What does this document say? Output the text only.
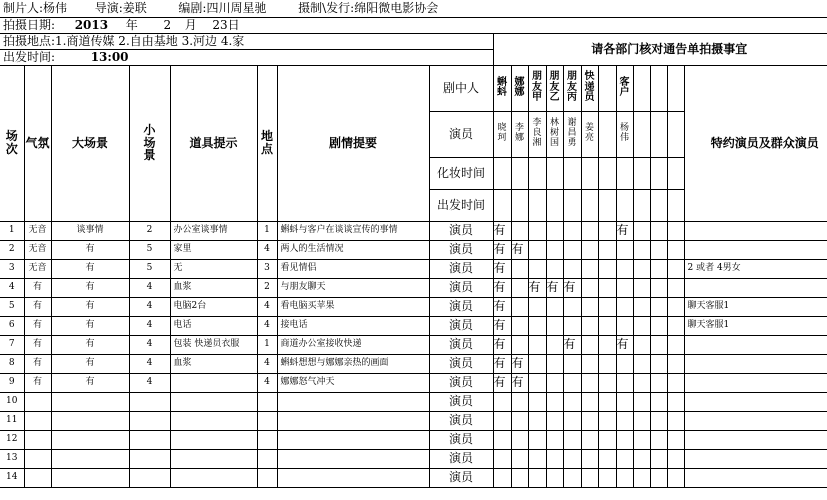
制片人:杨伟 导演:姜联 编剧:四川周星驰 摄制\发行:绵阳微电影协会																			
拍摄日期: 2013 年 2 月 23日																			
拍摄地点:1.商道传媒 2.自由基地 3.河边 4.家								请各部门核对通告单拍摄事宜											
出发时间: 13:00																			
场次	气氛	大场景	小场景	道具提示	地点	剧情提要	剧中人	蝌蚪	娜娜	朋友甲	朋友乙	朋友丙	快递员		客户				特约演员及群众演员
							演员	晓珂	李娜	李良湘	林树国	谢昌勇	姜亮		杨伟				
							化妆时间												
							出发时间												
1	无音	谈事情	2	办公室谈事情	1	蝌蚪与客户在谈谈宣传的事情	演员	有							有				
2	无音	有	5	家里	4	两人的生活情况	演员	有	有										
3	无音	有	5	无	3	看见情侣	演员	有											2 或者 4男女
4	有	有	4	血浆	2	与朋友聊天	演员	有		有	有	有							
5	有	有	4	电脑2台	4	看电脑买苹果	演员	有											聊天客服1
6	有	有	4	电话	4	接电话	演员	有											聊天客服1
7	有	有	4	包装 快递员衣服	1	商道办公室接收快递	演员	有				有			有				
8	有	有	4	血浆	4	蝌蚪想想与娜娜亲热的画面	演员	有	有										
9	有	有	4		4	娜娜怒气冲天	演员	有	有										
10							演员												
11							演员												
12							演员												
13							演员												
14							演员												
